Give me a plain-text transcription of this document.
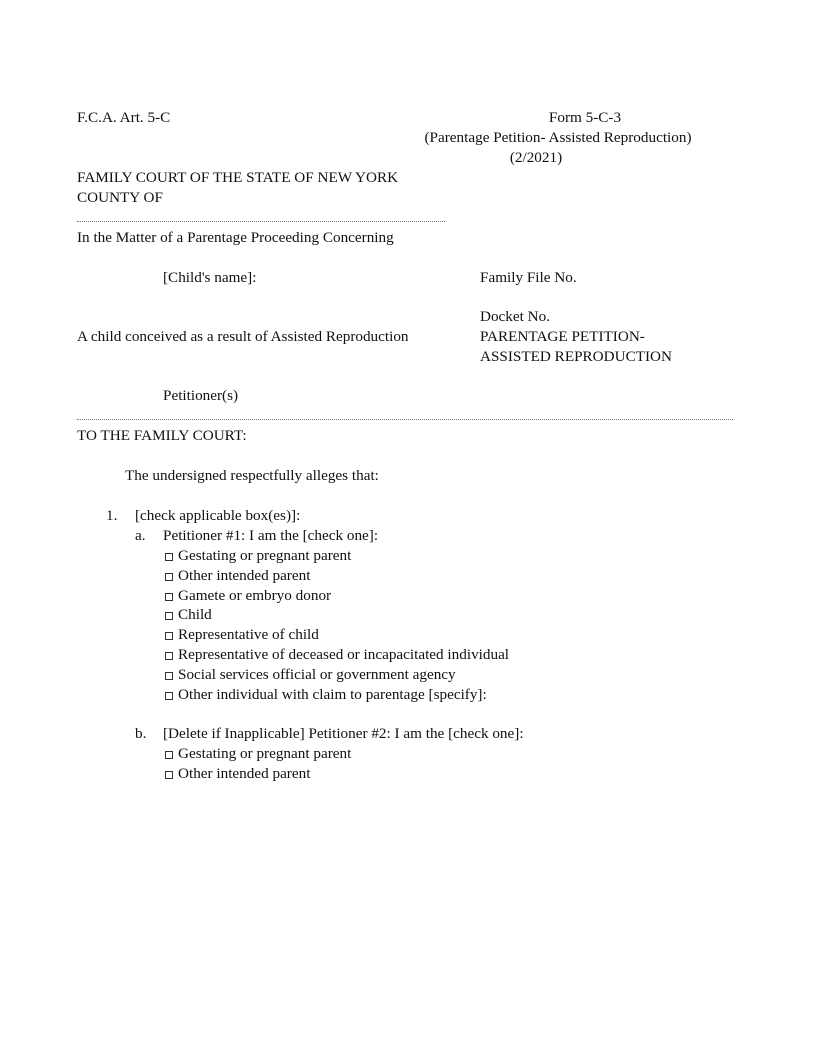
F.C.A. Art. 5-C	Form 5-C-3
(Parentage Petition- Assisted Reproduction)
(2/2021)
FAMILY COURT OF THE STATE OF NEW YORK
COUNTY OF
In the Matter of a Parentage Proceeding Concerning
[Child's name]:	Family File No.
Docket No.
A child conceived as a result of Assisted Reproduction	PARENTAGE PETITION-
ASSISTED REPRODUCTION
Petitioner(s)
TO THE FAMILY COURT:
The undersigned respectfully alleges that:
1. [check applicable box(es)]:
a. Petitioner #1: I am the [check one]:
Gestating or pregnant parent
Other intended parent
Gamete or embryo donor
Child
Representative of child
Representative of deceased or incapacitated individual
Social services official or government agency
Other individual with claim to parentage [specify]:
b. [Delete if Inapplicable] Petitioner #2: I am the [check one]:
Gestating or pregnant parent
Other intended parent
